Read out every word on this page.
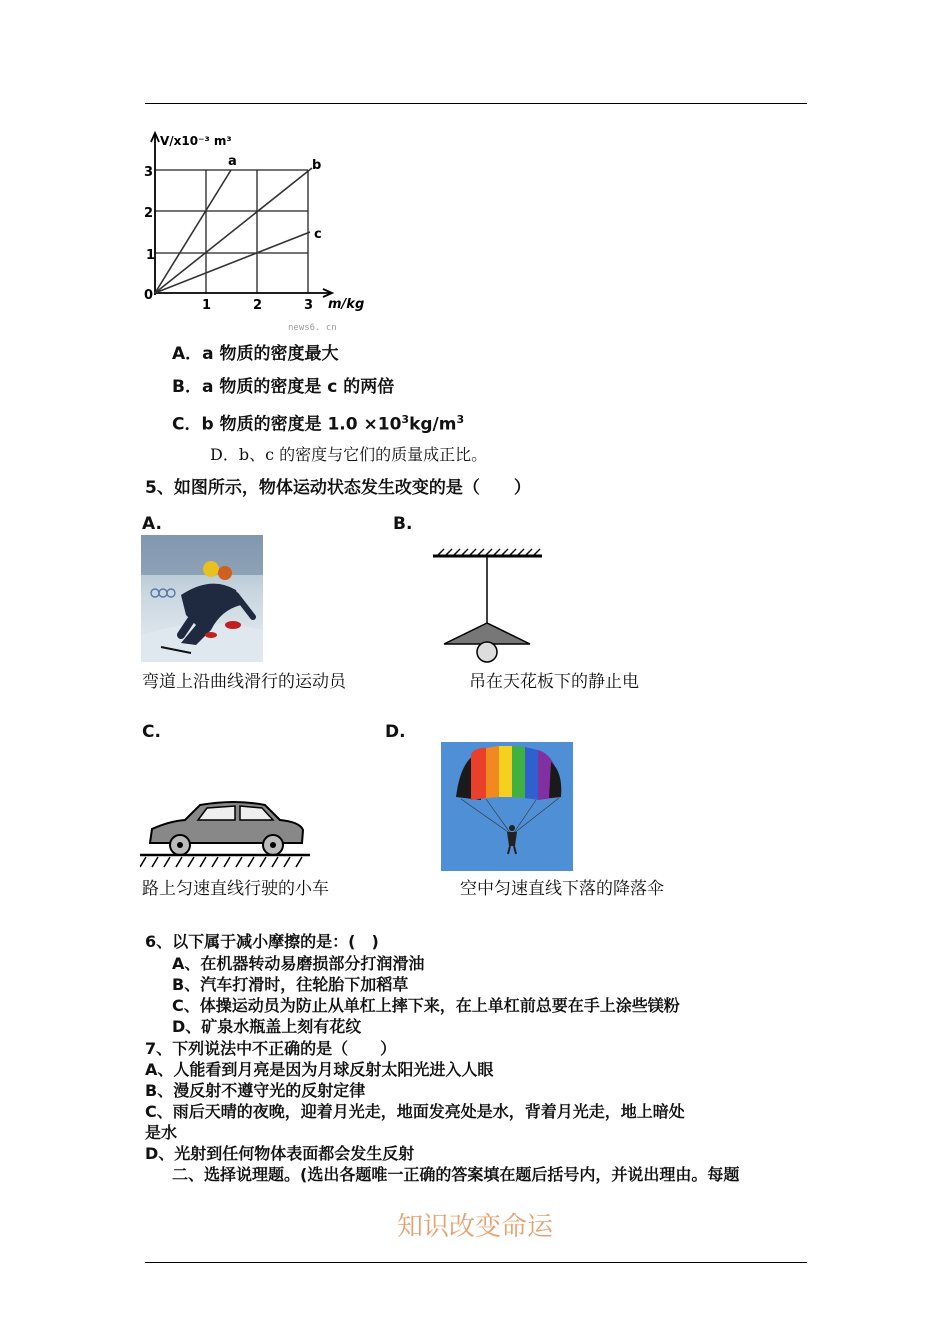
V/x10⁻³ m³
3
2
1
0
1	2	3 m/kg
a	b
c
news6. cn
A．a 物质的密度最大
B．a 物质的密度是 c 的两倍
C．b 物质的密度是 $1.0 \times 10^3kg/m^3$
D．b、c 的密度与它们的质量成正比。
5、如图所示，物体运动状态发生改变的是（　　）
A.	B.
弯道上沿曲线滑行的运动员	吊在天花板下的静止电
C.	D.
路上匀速直线行驶的小车	空中匀速直线下落的降落伞
6、以下属于减小摩擦的是：(　)
A、在机器转动易磨损部分打润滑油
B、汽车打滑时，往轮胎下加稻草
C、体操运动员为防止从单杠上摔下来，在上单杠前总要在手上涂些镁粉
D、矿泉水瓶盖上刻有花纹
7、下列说法中不正确的是（　　）
A、人能看到月亮是因为月球反射太阳光进入人眼
B、漫反射不遵守光的反射定律
C、雨后天晴的夜晚，迎着月光走，地面发亮处是水，背着月光走，地上暗处
是水
D、光射到任何物体表面都会发生反射
二、选择说理题。(选出各题唯一正确的答案填在题后括号内，并说出理由。每题
知识改变命运
